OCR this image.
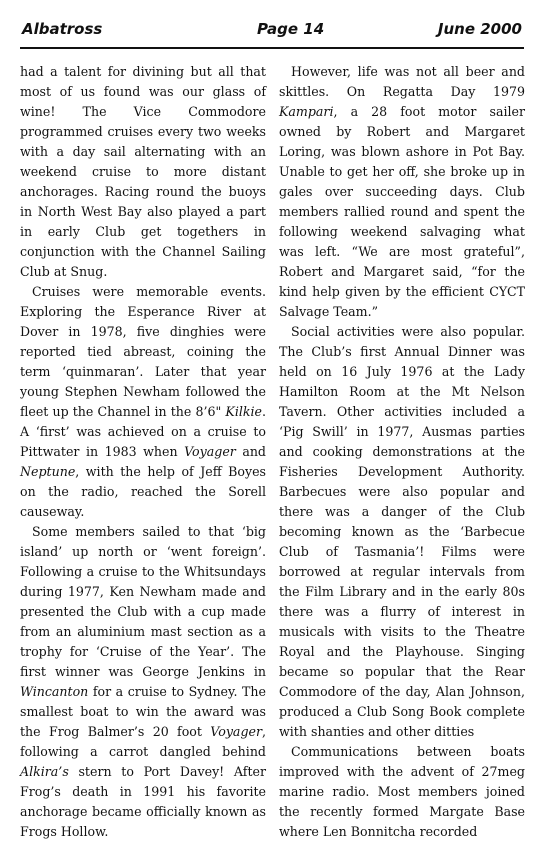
Albatross	Page 14	June 2000

had a talent for divining but all that most of us found was our glass of wine! The Vice Commodore programmed cruises every two weeks with a day sail alternating with an weekend cruise to more distant anchorages. Racing round the buoys in North West Bay also played a part in early Club get togethers in conjunction with the Channel Sailing Club at Snug.

Cruises were memorable events. Exploring the Esperance River at Dover in 1978, five dinghies were reported tied abreast, coining the term ‘quinmaran’. Later that year young Stephen Newham followed the fleet up the Channel in the 8’6" Kilkie. A ‘first’ was achieved on a cruise to Pittwater in 1983 when Voyager and Neptune, with the help of Jeff Boyes on the radio, reached the Sorell causeway.

Some members sailed to that ‘big island’ up north or ‘went foreign’. Following a cruise to the Whitsundays during 1977, Ken Newham made and presented the Club with a cup made from an aluminium mast section as a trophy for ‘Cruise of the Year’. The first winner was George Jenkins in Wincanton for a cruise to Sydney. The smallest boat to win the award was the Frog Balmer’s 20 foot Voyager, following a carrot dangled behind Alkira’s stern to Port Davey! After Frog’s death in 1991 his favorite anchorage became officially known as Frogs Hollow.

However, life was not all beer and skittles. On Regatta Day 1979 Kampari, a 28 foot motor sailer owned by Robert and Margaret Loring, was blown ashore in Pot Bay. Unable to get her off, she broke up in gales over succeeding days. Club members rallied round and spent the following weekend salvaging what was left. “We are most grateful”, Robert and Margaret said, “for the kind help given by the efficient CYCT Salvage Team.”

Social activities were also popular. The Club’s first Annual Dinner was held on 16 July 1976 at the Lady Hamilton Room at the Mt Nelson Tavern. Other activities included a ‘Pig Swill’ in 1977, Ausmas parties and cooking demonstrations at the Fisheries Development Authority. Barbecues were also popular and there was a danger of the Club becoming known as the ‘Barbecue Club of Tasmania’! Films were borrowed at regular intervals from the Film Library and in the early 80s there was a flurry of interest in musicals with visits to the Theatre Royal and the Playhouse. Singing became so popular that the Rear Commodore of the day, Alan Johnson, produced a Club Song Book complete with shanties and other ditties

Communications between boats improved with the advent of 27meg marine radio. Most members joined the recently formed Margate Base where Len Bonnitcha recorded
